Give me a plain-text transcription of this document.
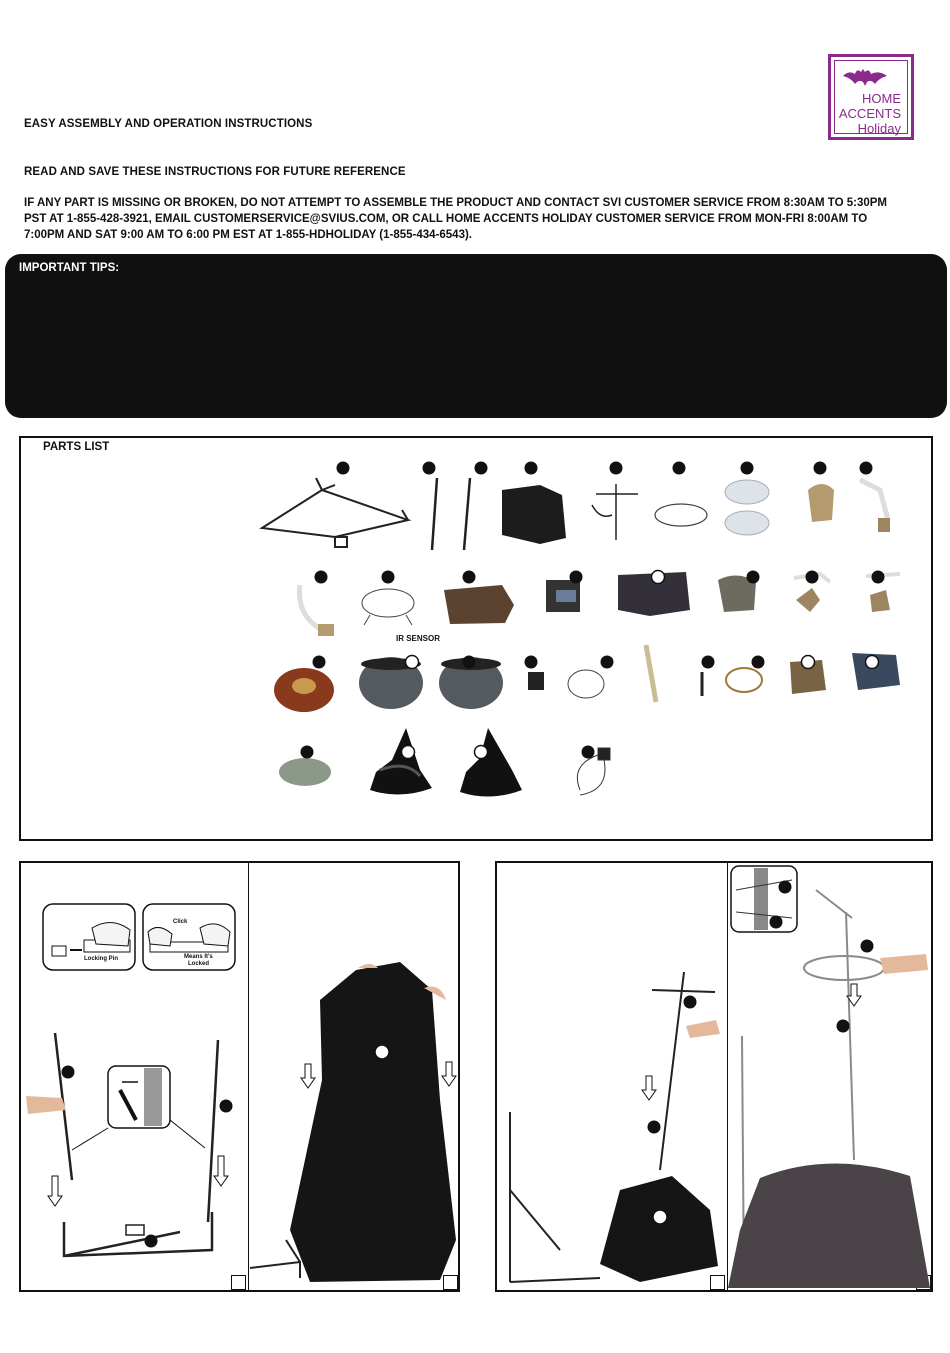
EASY ASSEMBLY AND OPERATION INSTRUCTIONS
READ AND SAVE THESE INSTRUCTIONS FOR FUTURE REFERENCE
IF ANY PART IS MISSING OR BROKEN, DO NOT ATTEMPT TO ASSEMBLE THE PRODUCT AND CONTACT SVI CUSTOMER SERVICE FROM 8:30AM TO 5:30PM PST AT 1-855-428-3921, EMAIL CUSTOMERSERVICE@SVIUS.COM, OR CALL HOME ACCENTS HOLIDAY CUSTOMER SERVICE FROM MON-FRI 8:00AM TO 7:00PM AND SAT 9:00 AM TO 6:00 PM EST AT 1-855-HDHOLIDAY (1-855-434-6543).
HOME
ACCENTS
Holiday
IMPORTANT TIPS:
PARTS LIST
IR SENSOR
Locking Pin
Click
Means It's
Locked
